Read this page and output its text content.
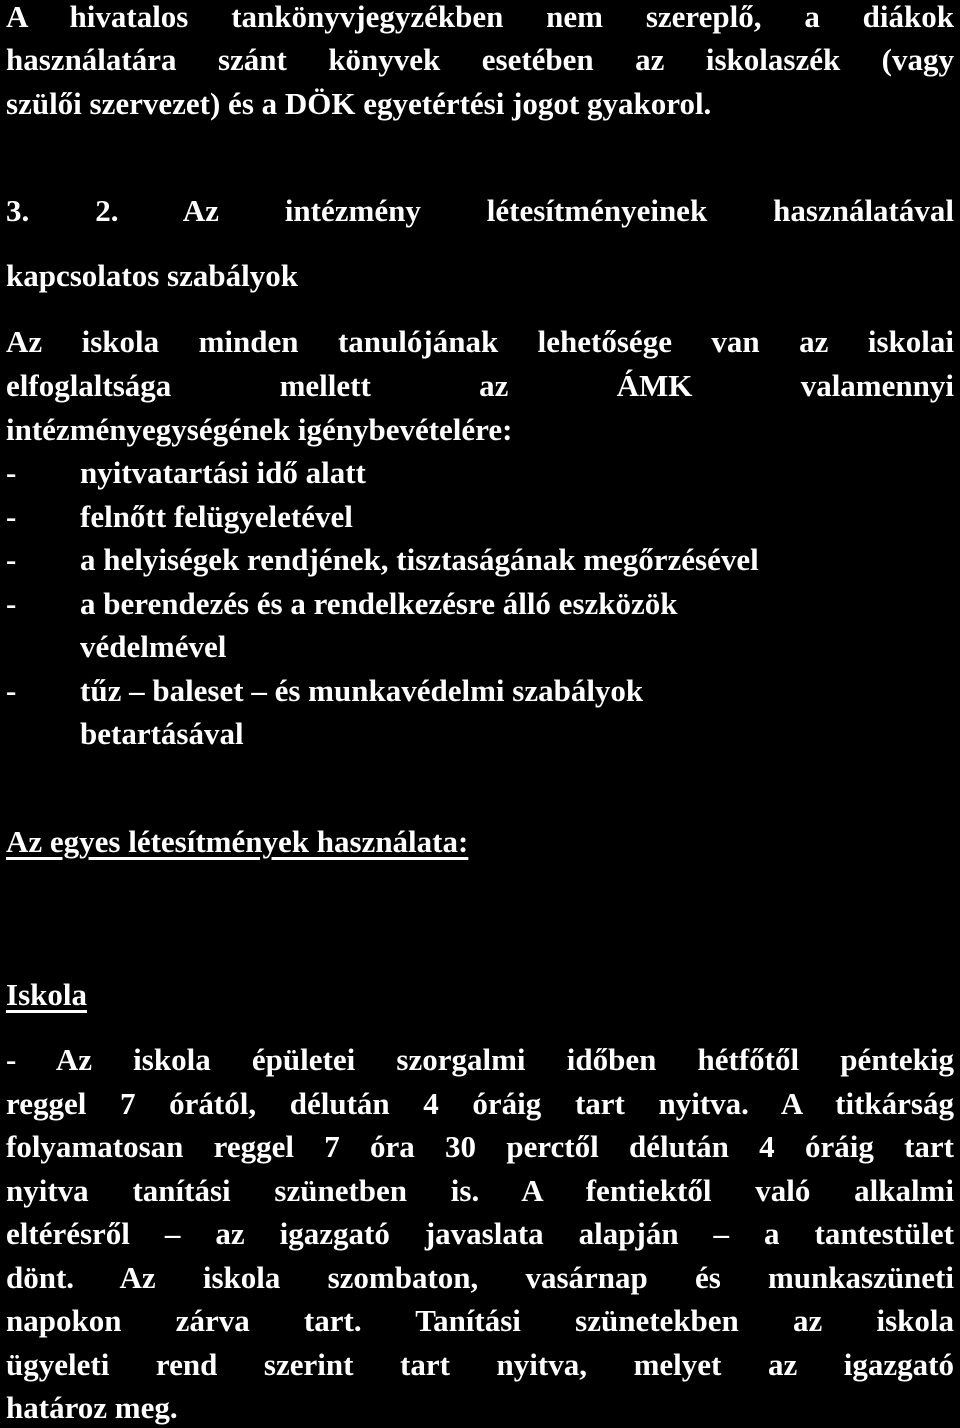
A hivatalos tankönyvjegyzékben nem szereplő, a diákok
használatára szánt könyvek esetében az iskolaszék (vagy
szülői szervezet) és a DÖK egyetértési jogot gyakorol.
3. 2. Az intézmény létesítményeinek használatával
kapcsolatos szabályok
Az iskola minden tanulójának lehetősége van az iskolai
elfoglaltsága mellett az ÁMK valamennyi
intézményegységének igénybevételére:
- nyitvatartási idő alatt
- felnőtt felügyeletével
- a helyiségek rendjének, tisztaságának megőrzésével
- a berendezés és a rendelkezésre álló eszközök
védelmével
- tűz – baleset – és munkavédelmi szabályok
betartásával
Az egyes létesítmények használata:
Iskola
- Az iskola épületei szorgalmi időben hétfőtől péntekig
reggel 7 órától, délután 4 óráig tart nyitva. A titkárság
folyamatosan reggel 7 óra 30 perctől délután 4 óráig tart
nyitva tanítási szünetben is. A fentiektől való alkalmi
eltérésről – az igazgató javaslata alapján – a tantestület
dönt. Az iskola szombaton, vasárnap és munkaszüneti
napokon zárva tart. Tanítási szünetekben az iskola
ügyeleti rend szerint tart nyitva, melyet az igazgató
határoz meg.
